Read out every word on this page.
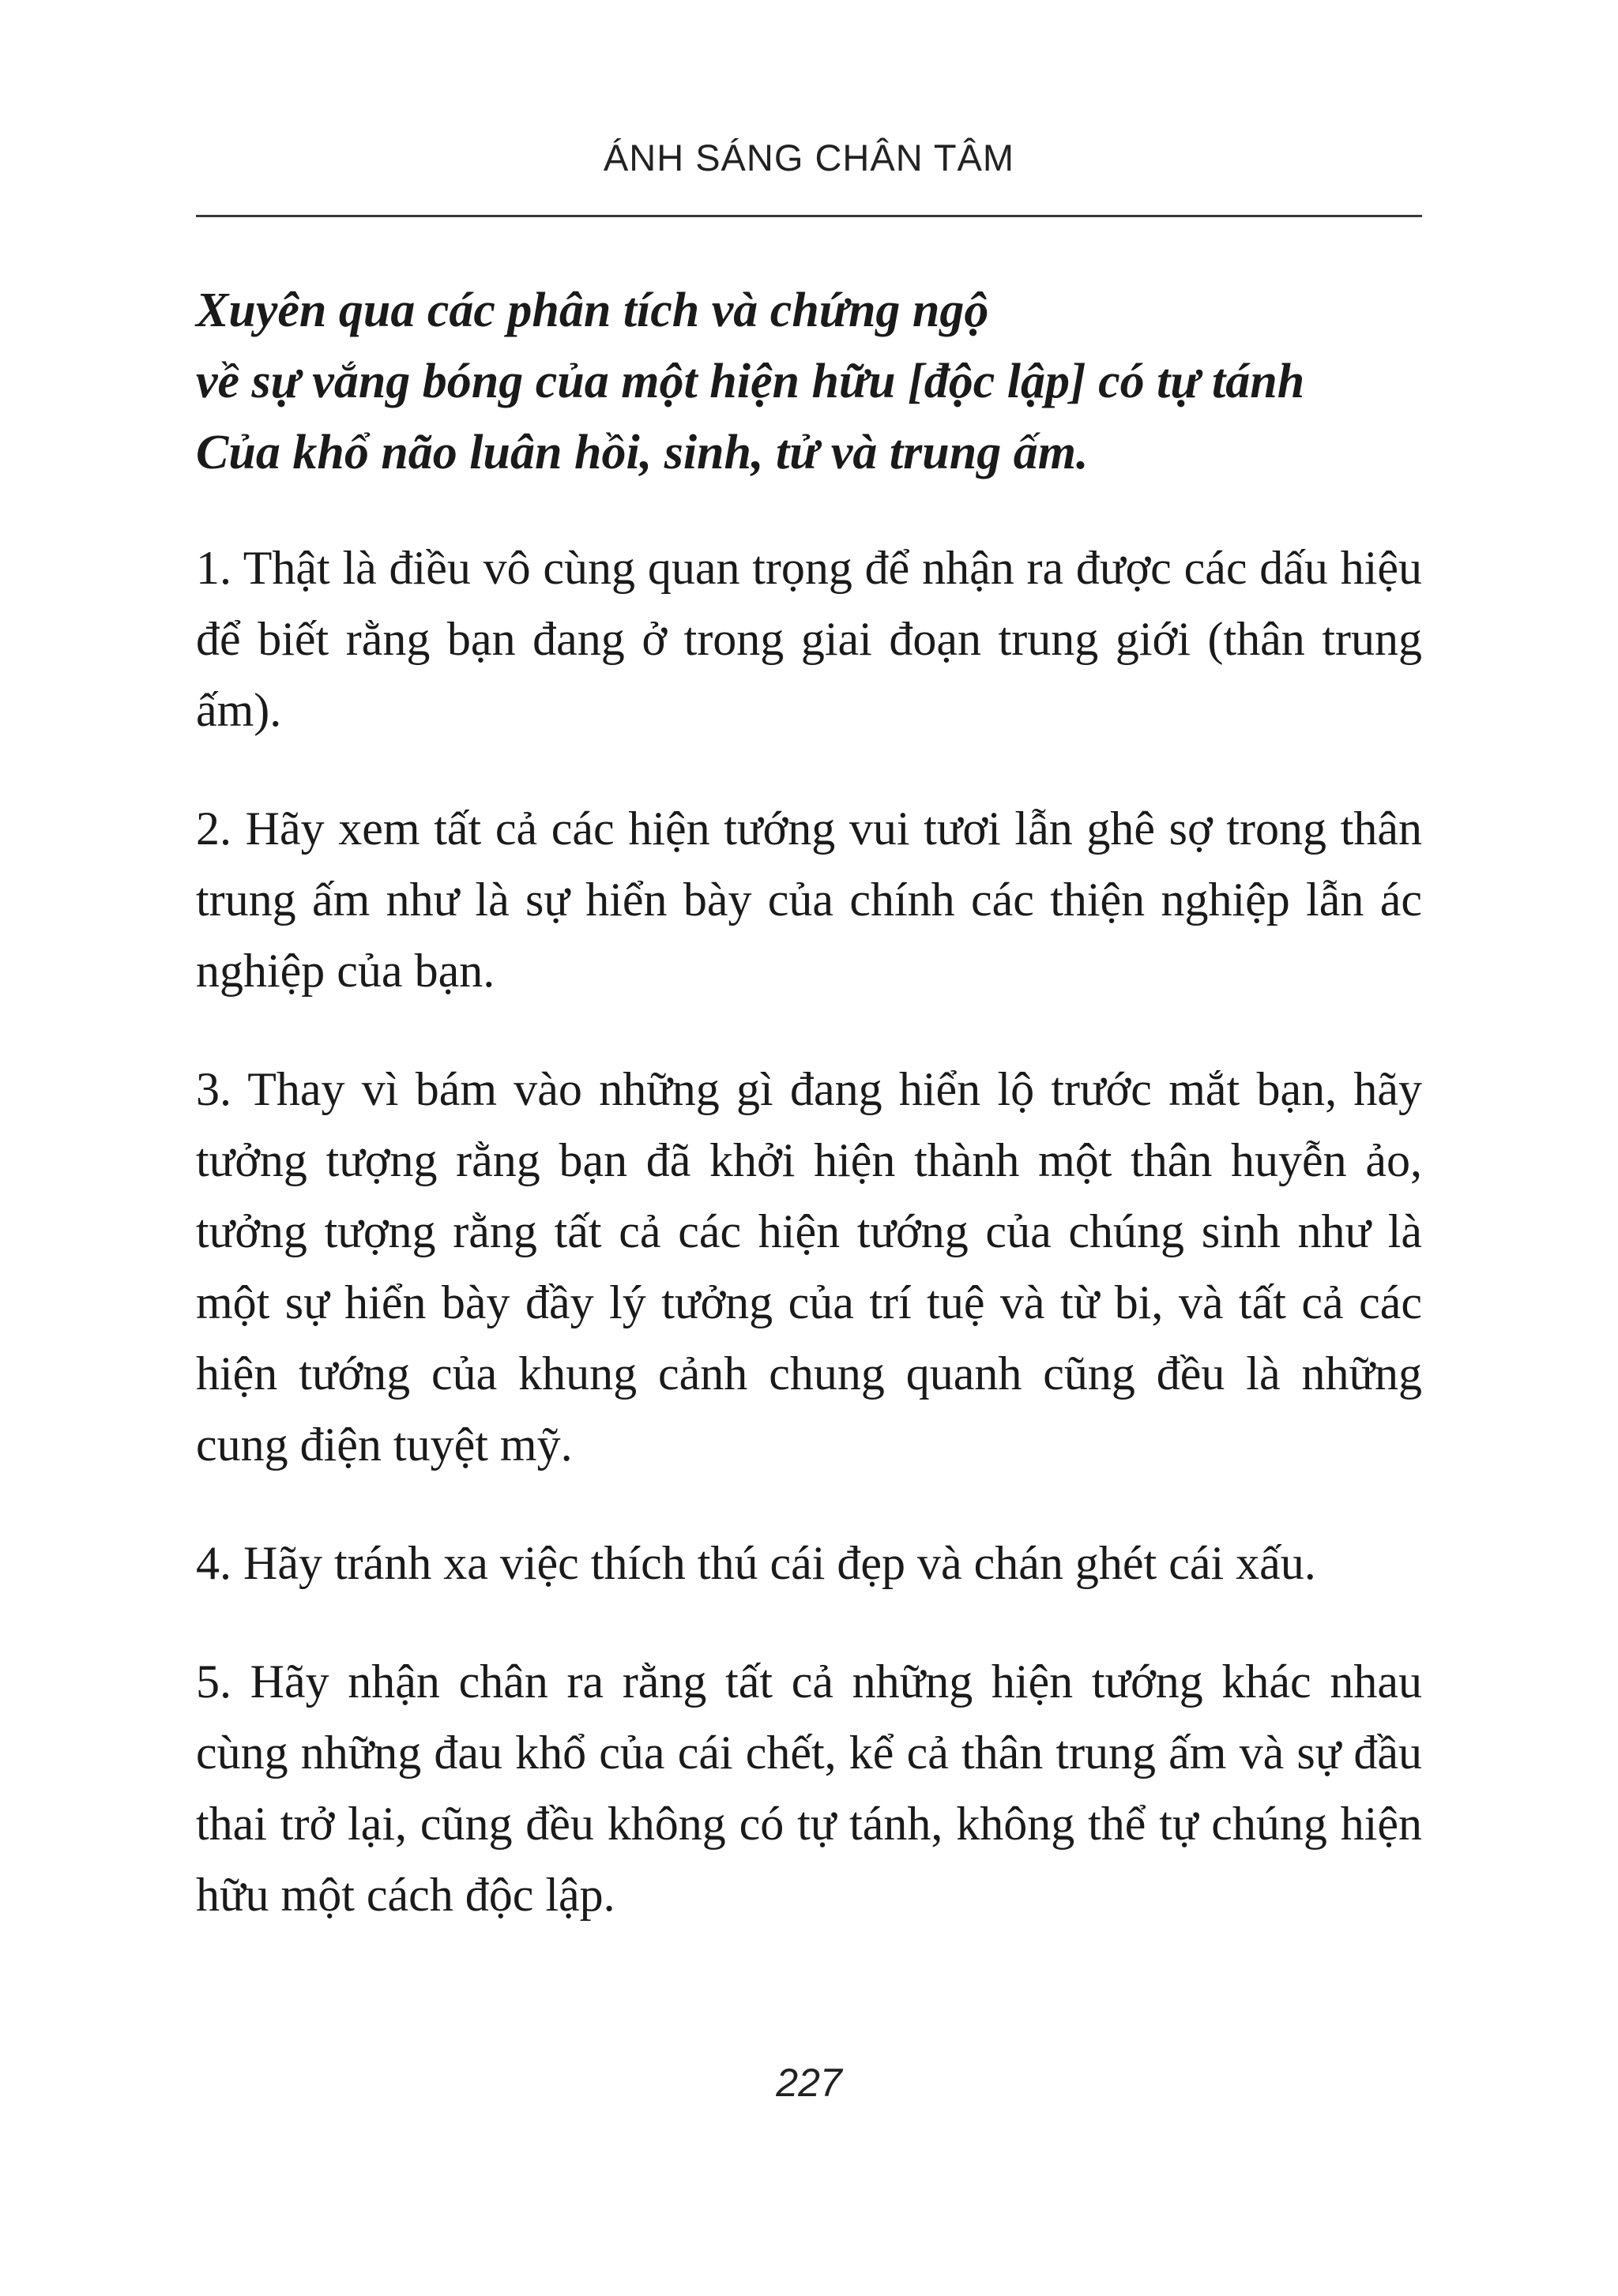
ÁNH SÁNG CHÂN TÂM
Xuyên qua các phân tích và chứng ngộ
về sự vắng bóng của một hiện hữu [độc lập] có tự tánh
Của khổ não luân hồi, sinh, tử và trung ấm.

1. Thật là điều vô cùng quan trọng để nhận ra được các dấu hiệu để biết rằng bạn đang ở trong giai đoạn trung giới (thân trung ấm).

2. Hãy xem tất cả các hiện tướng vui tươi lẫn ghê sợ trong thân trung ấm như là sự hiển bày của chính các thiện nghiệp lẫn ác nghiệp của bạn.

3. Thay vì bám vào những gì đang hiển lộ trước mắt bạn, hãy tưởng tượng rằng bạn đã khởi hiện thành một thân huyễn ảo, tưởng tượng rằng tất cả các hiện tướng của chúng sinh như là một sự hiển bày đầy lý tưởng của trí tuệ và từ bi, và tất cả các hiện tướng của khung cảnh chung quanh cũng đều là những cung điện tuyệt mỹ.

4. Hãy tránh xa việc thích thú cái đẹp và chán ghét cái xấu.

5. Hãy nhận chân ra rằng tất cả những hiện tướng khác nhau cùng những đau khổ của cái chết, kể cả thân trung ấm và sự đầu thai trở lại, cũng đều không có tự tánh, không thể tự chúng hiện hữu một cách độc lập.

227
